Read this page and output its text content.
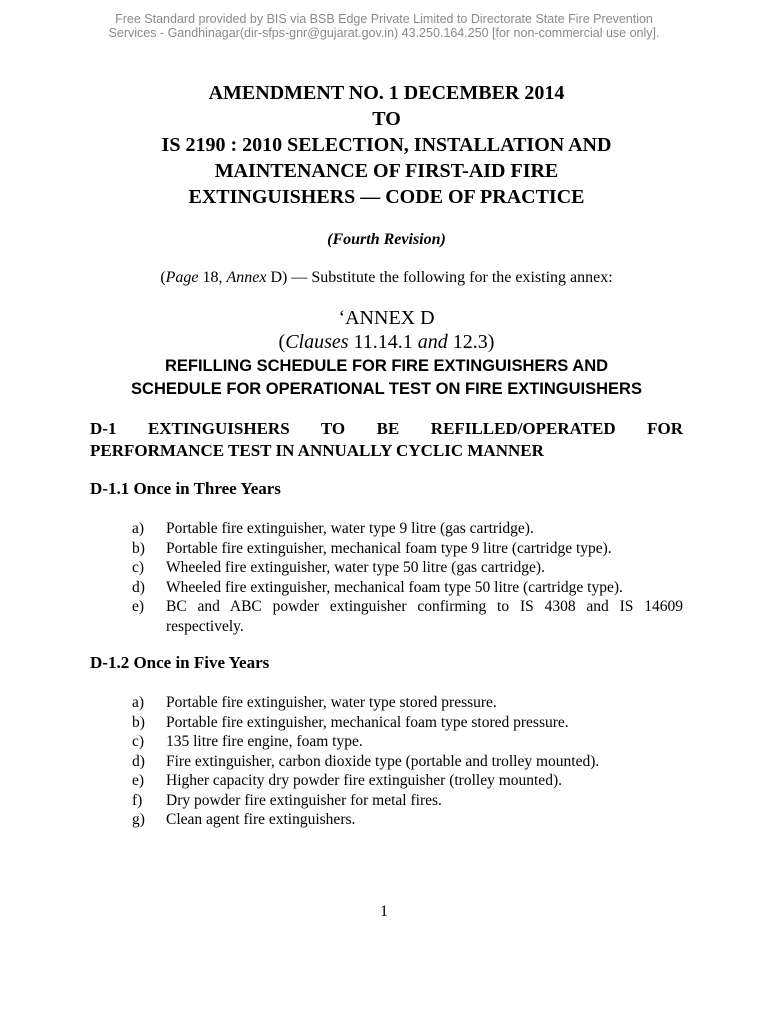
Free Standard provided by BIS via BSB Edge Private Limited to Directorate State Fire Prevention
Services - Gandhinagar(dir-sfps-gnr@gujarat.gov.in) 43.250.164.250 [for non-commercial use only].

AMENDMENT NO. 1 DECEMBER 2014

TO

IS 2190 : 2010 SELECTION, INSTALLATION AND

MAINTENANCE OF FIRST-AID FIRE

EXTINGUISHERS — CODE OF PRACTICE

(Fourth Revision)
(Page 18, Annex D) — Substitute the following for the existing annex:
‘ANNEX D
(Clauses 11.14.1 and 12.3)
REFILLING SCHEDULE FOR FIRE EXTINGUISHERS AND
SCHEDULE FOR OPERATIONAL TEST ON FIRE EXTINGUISHERS
D-1 EXTINGUISHERS TO BE REFILLED/OPERATED FOR PERFORMANCE TEST IN ANNUALLY CYCLIC MANNER
D-1.1 Once in Three Years
a) Portable fire extinguisher, water type 9 litre (gas cartridge).
b) Portable fire extinguisher, mechanical foam type 9 litre (cartridge type).
c) Wheeled fire extinguisher, water type 50 litre (gas cartridge).
d) Wheeled fire extinguisher, mechanical foam type 50 litre (cartridge type).
e) BC and ABC powder extinguisher confirming to IS 4308 and IS 14609 respectively.
D-1.2 Once in Five Years
a) Portable fire extinguisher, water type stored pressure.
b) Portable fire extinguisher, mechanical foam type stored pressure.
c) 135 litre fire engine, foam type.
d) Fire extinguisher, carbon dioxide type (portable and trolley mounted).
e) Higher capacity dry powder fire extinguisher (trolley mounted).
f) Dry powder fire extinguisher for metal fires.
g) Clean agent fire extinguishers.
1
